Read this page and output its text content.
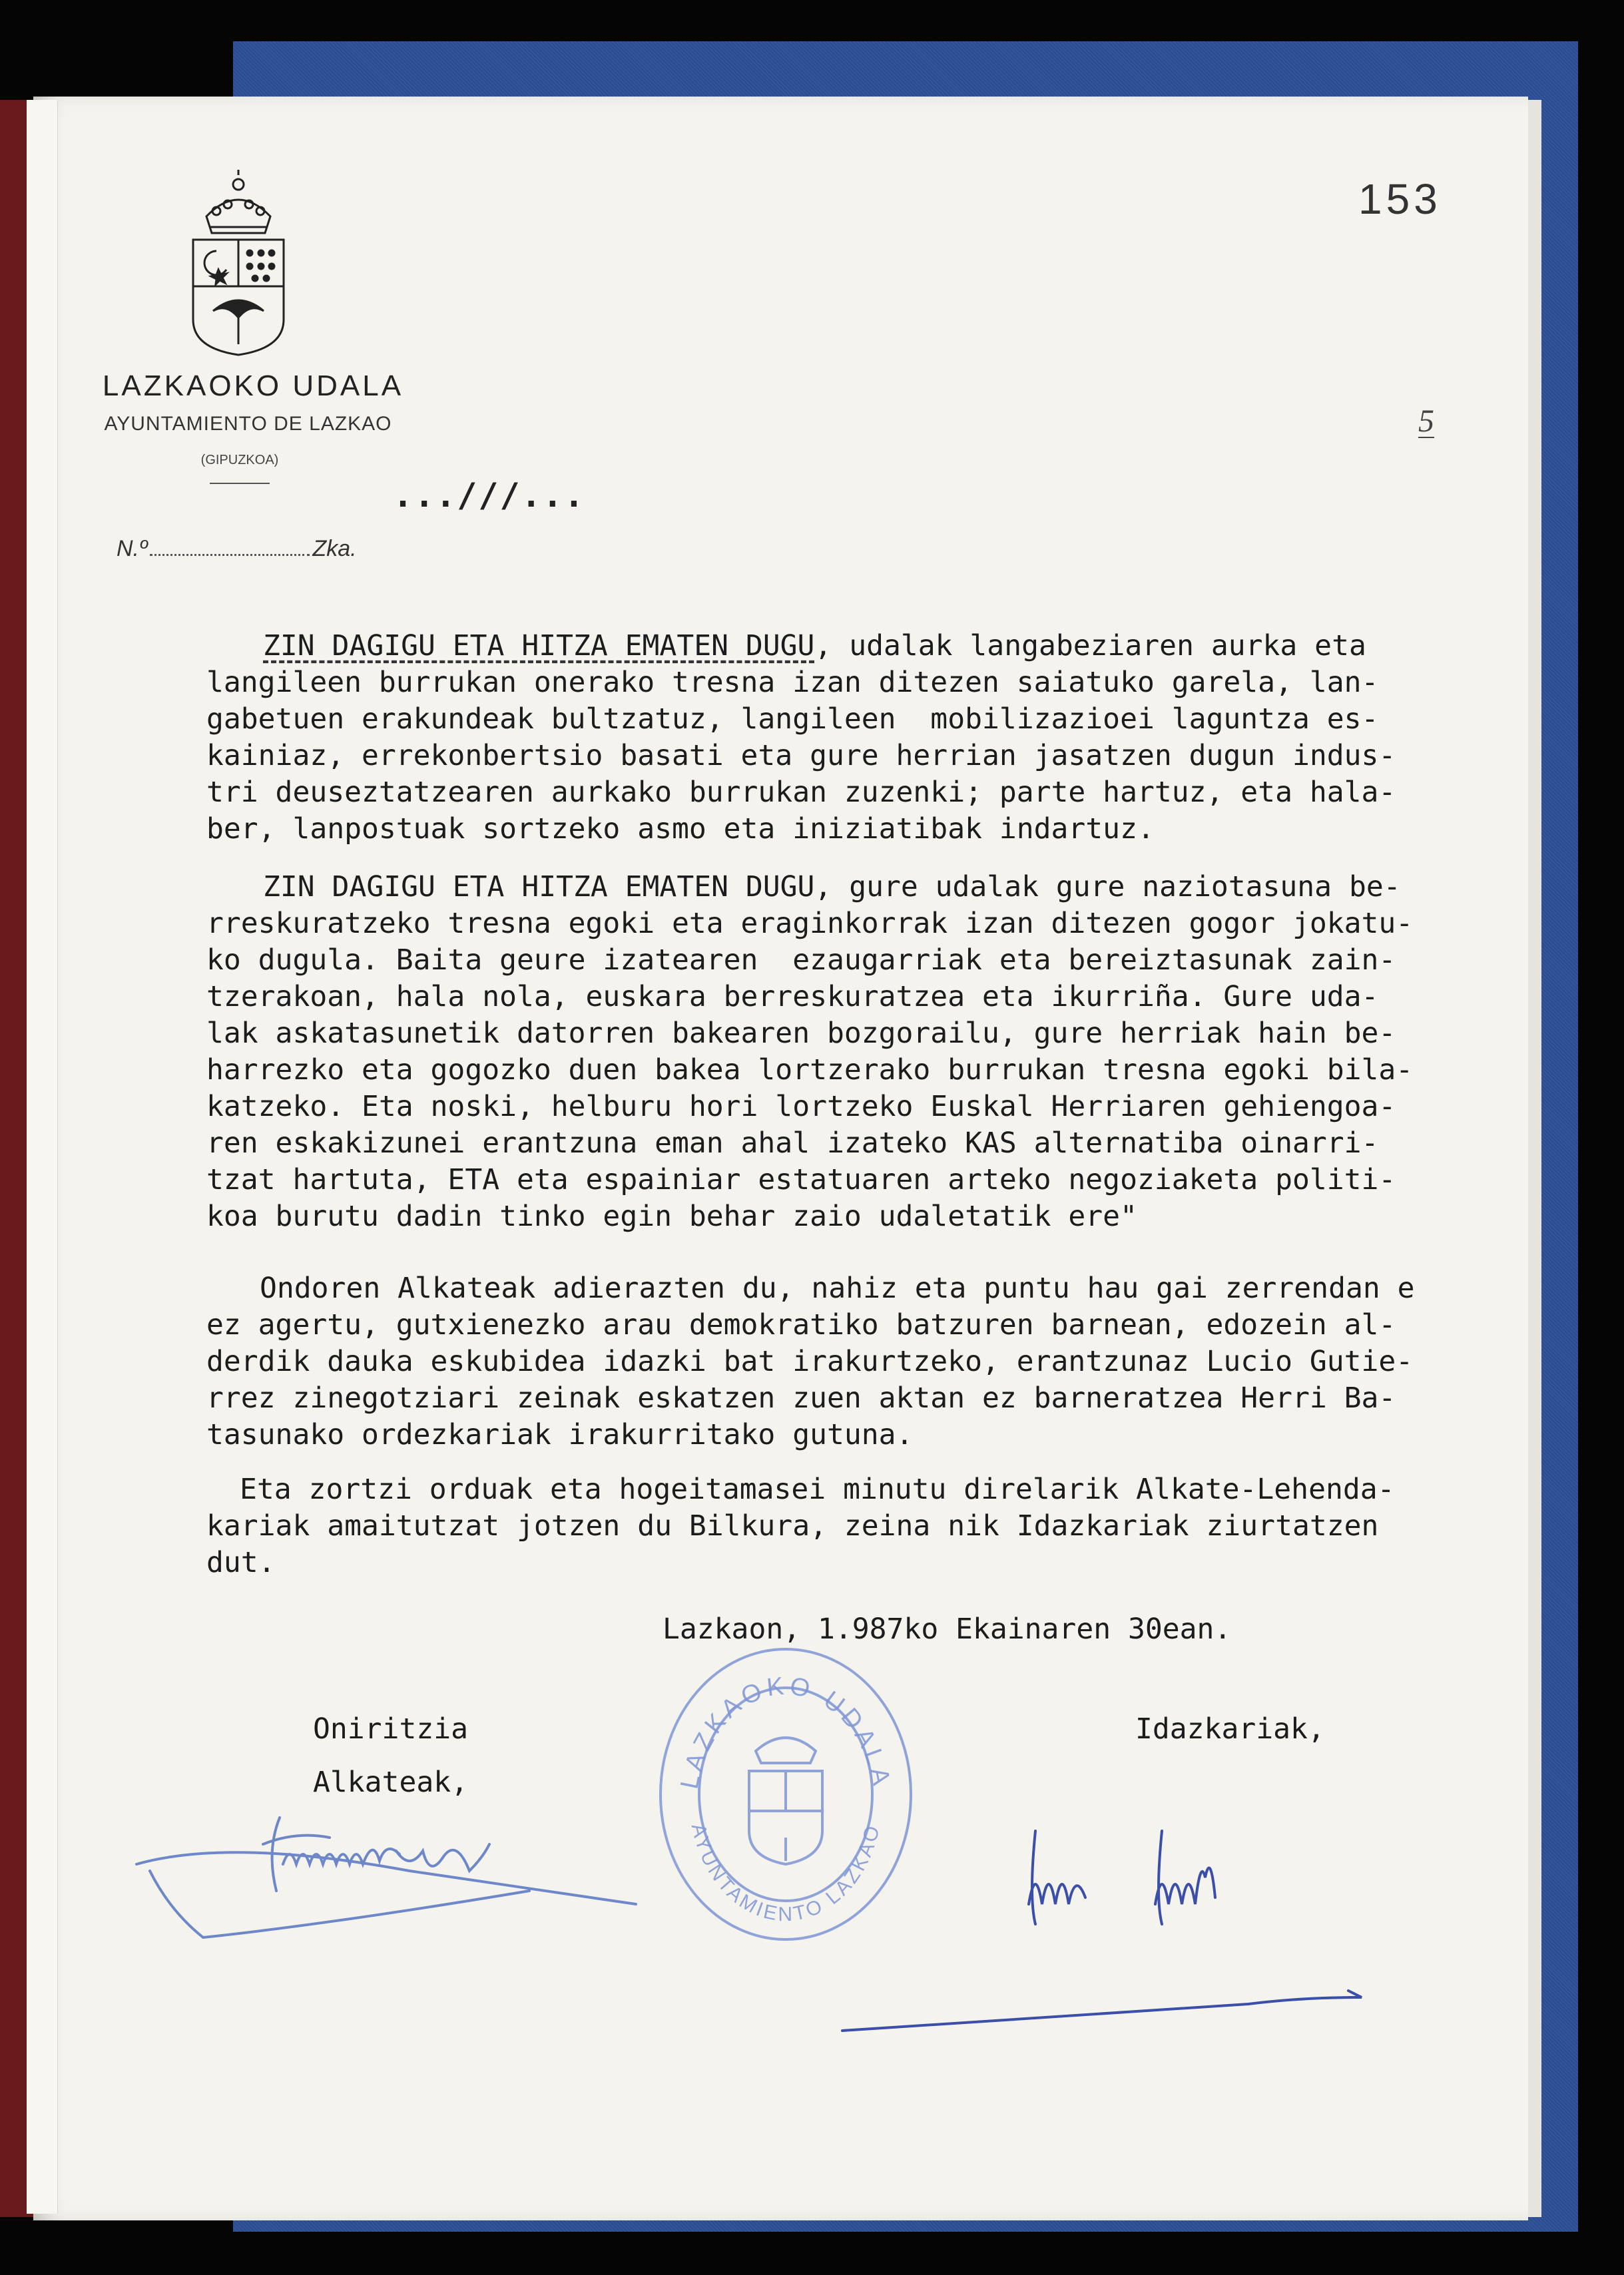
LAZKAOKO UDALA
AYUNTAMIENTO DE LAZKAO
(GIPUZKOA)
...///...
N.º	Zka.
153
5
ZIN DAGIGU ETA HITZA EMATEN DUGU, udalak langabeziaren aurka eta
langileen burrukan onerako tresna izan ditezen saiatuko garela, lan-
gabetuen erakundeak bultzatuz, langileen  mobilizazioei laguntza es-
kainiaz, errekonbertsio basati eta gure herrian jasatzen dugun indus-
tri deuseztatzearen aurkako burrukan zuzenki; parte hartuz, eta hala-
ber, lanpostuak sortzeko asmo eta iniziatibak indartuz.
ZIN DAGIGU ETA HITZA EMATEN DUGU, gure udalak gure naziotasuna be-
rreskuratzeko tresna egoki eta eraginkorrak izan ditezen gogor jokatu-
ko dugula. Baita geure izatearen  ezaugarriak eta bereiztasunak zain-
tzerakoan, hala nola, euskara berreskuratzea eta ikurriña. Gure uda-
lak askatasunetik datorren bakearen bozgorailu, gure herriak hain be-
harrezko eta gogozko duen bakea lortzerako burrukan tresna egoki bila-
katzeko. Eta noski, helburu hori lortzeko Euskal Herriaren gehiengoa-
ren eskakizunei erantzuna eman ahal izateko KAS alternatiba oinarri-
tzat hartuta, ETA eta espainiar estatuaren arteko negoziaketa politi-
koa burutu dadin tinko egin behar zaio udaletatik ere"
Ondoren Alkateak adierazten du, nahiz eta puntu hau gai zerrendan e
ez agertu, gutxienezko arau demokratiko batzuren barnean, edozein al-
derdik dauka eskubidea idazki bat irakurtzeko, erantzunaz Lucio Gutie-
rrez zinegotziari zeinak eskatzen zuen aktan ez barneratzea Herri Ba-
tasunako ordezkariak irakurritako gutuna.
Eta zortzi orduak eta hogeitamasei minutu direlarik Alkate-Lehenda-
kariak amaitutzat jotzen du Bilkura, zeina nik Idazkariak ziurtatzen
dut.
Lazkaon, 1.987ko Ekainaren 30ean.
Oniritzia
Alkateak,
Idazkariak,
LAZKAOKO UDALA
AYUNTAMIENTO LAZKAO
